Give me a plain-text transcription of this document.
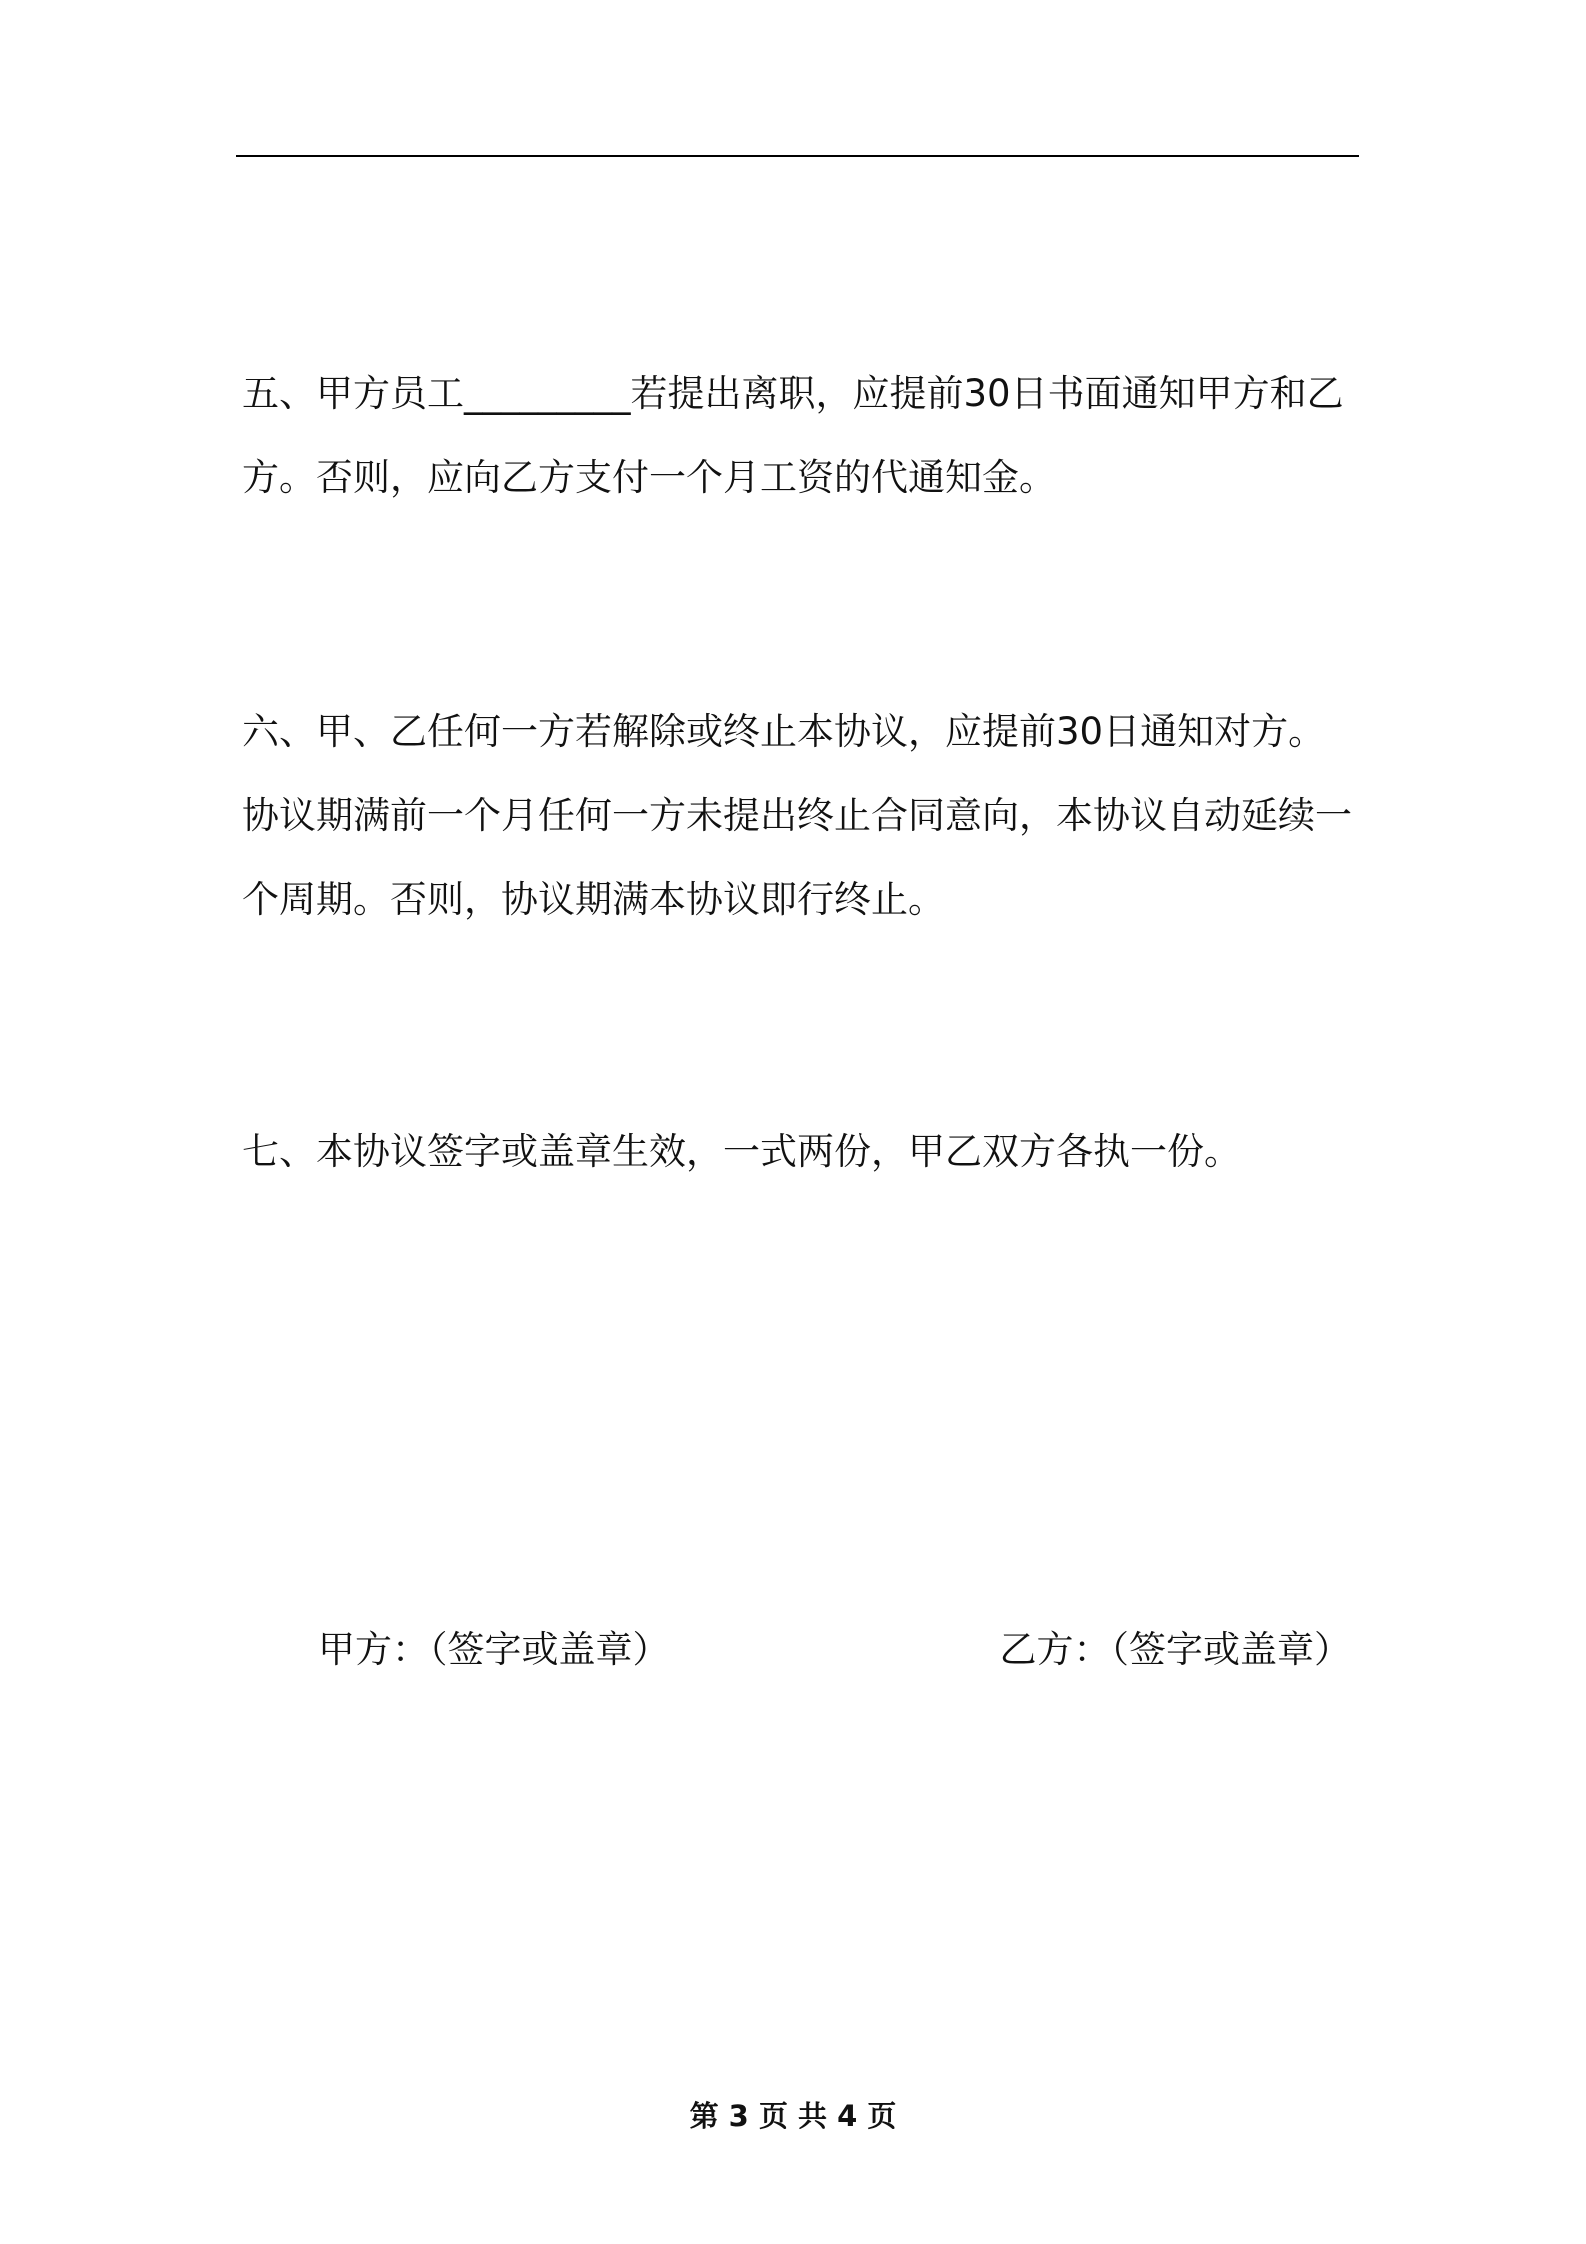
五、甲方员工_________若提出离职，应提前30日书面通知甲方和乙
方。否则，应向乙方支付一个月工资的代通知金。
六、甲、乙任何一方若解除或终止本协议，应提前30日通知对方。
协议期满前一个月任何一方未提出终止合同意向，本协议自动延续一
个周期。否则，协议期满本协议即行终止。
七、本协议签字或盖章生效，一式两份，甲乙双方各执一份。
甲方：（签字或盖章）	乙方：（签字或盖章）
第 3 页 共 4 页
